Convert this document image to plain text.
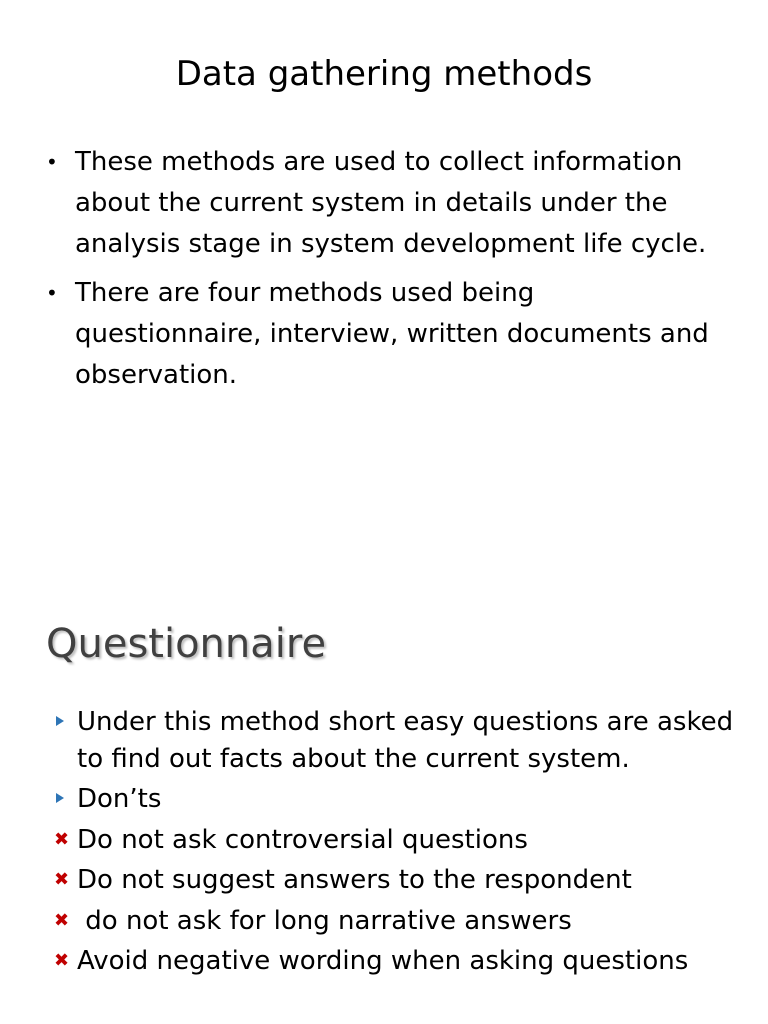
Data gathering methods
• These methods are used to collect information about the current system in details under the analysis stage in system development life cycle.
• There are four methods used being questionnaire, interview, written documents and observation.
Questionnaire
Under this method short easy questions are asked to find out facts about the current system.
Don’ts
✖ Do not ask controversial questions
✖ Do not suggest answers to the respondent
✖ do not ask for long narrative answers
✖ Avoid negative wording when asking questions
